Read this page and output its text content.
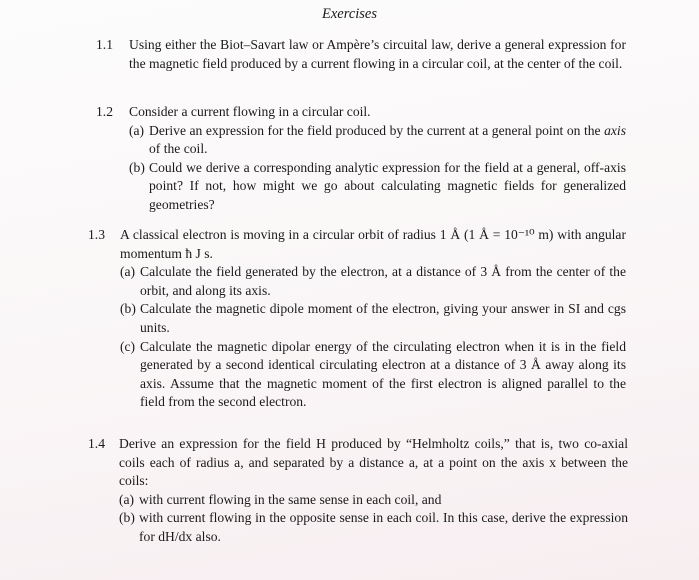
Exercises
1.1 Using either the Biot–Savart law or Ampère’s circuital law, derive a general expression for the magnetic field produced by a current flowing in a circular coil, at the center of the coil.

1.2 Consider a current flowing in a circular coil.

(a) Derive an expression for the field produced by the current at a general point on the axis of the coil.

(b) Could we derive a corresponding analytic expression for the field at a general, off-axis point? If not, how might we go about calculating magnetic fields for generalized geometries?

1.3 A classical electron is moving in a circular orbit of radius 1 Å (1 Å = 10⁻¹⁰ m) with angular momentum ħ J s.

(a) Calculate the field generated by the electron, at a distance of 3 Å from the center of the orbit, and along its axis.

(b) Calculate the magnetic dipole moment of the electron, giving your answer in SI and cgs units.

(c) Calculate the magnetic dipolar energy of the circulating electron when it is in the field generated by a second identical circulating electron at a distance of 3 Å away along its axis. Assume that the magnetic moment of the first electron is aligned parallel to the field from the second electron.

1.4 Derive an expression for the field H produced by “Helmholtz coils,” that is, two co-axial coils each of radius a, and separated by a distance a, at a point on the axis x between the coils:

(a) with current flowing in the same sense in each coil, and

(b) with current flowing in the opposite sense in each coil. In this case, derive the expression for dH/dx also.
